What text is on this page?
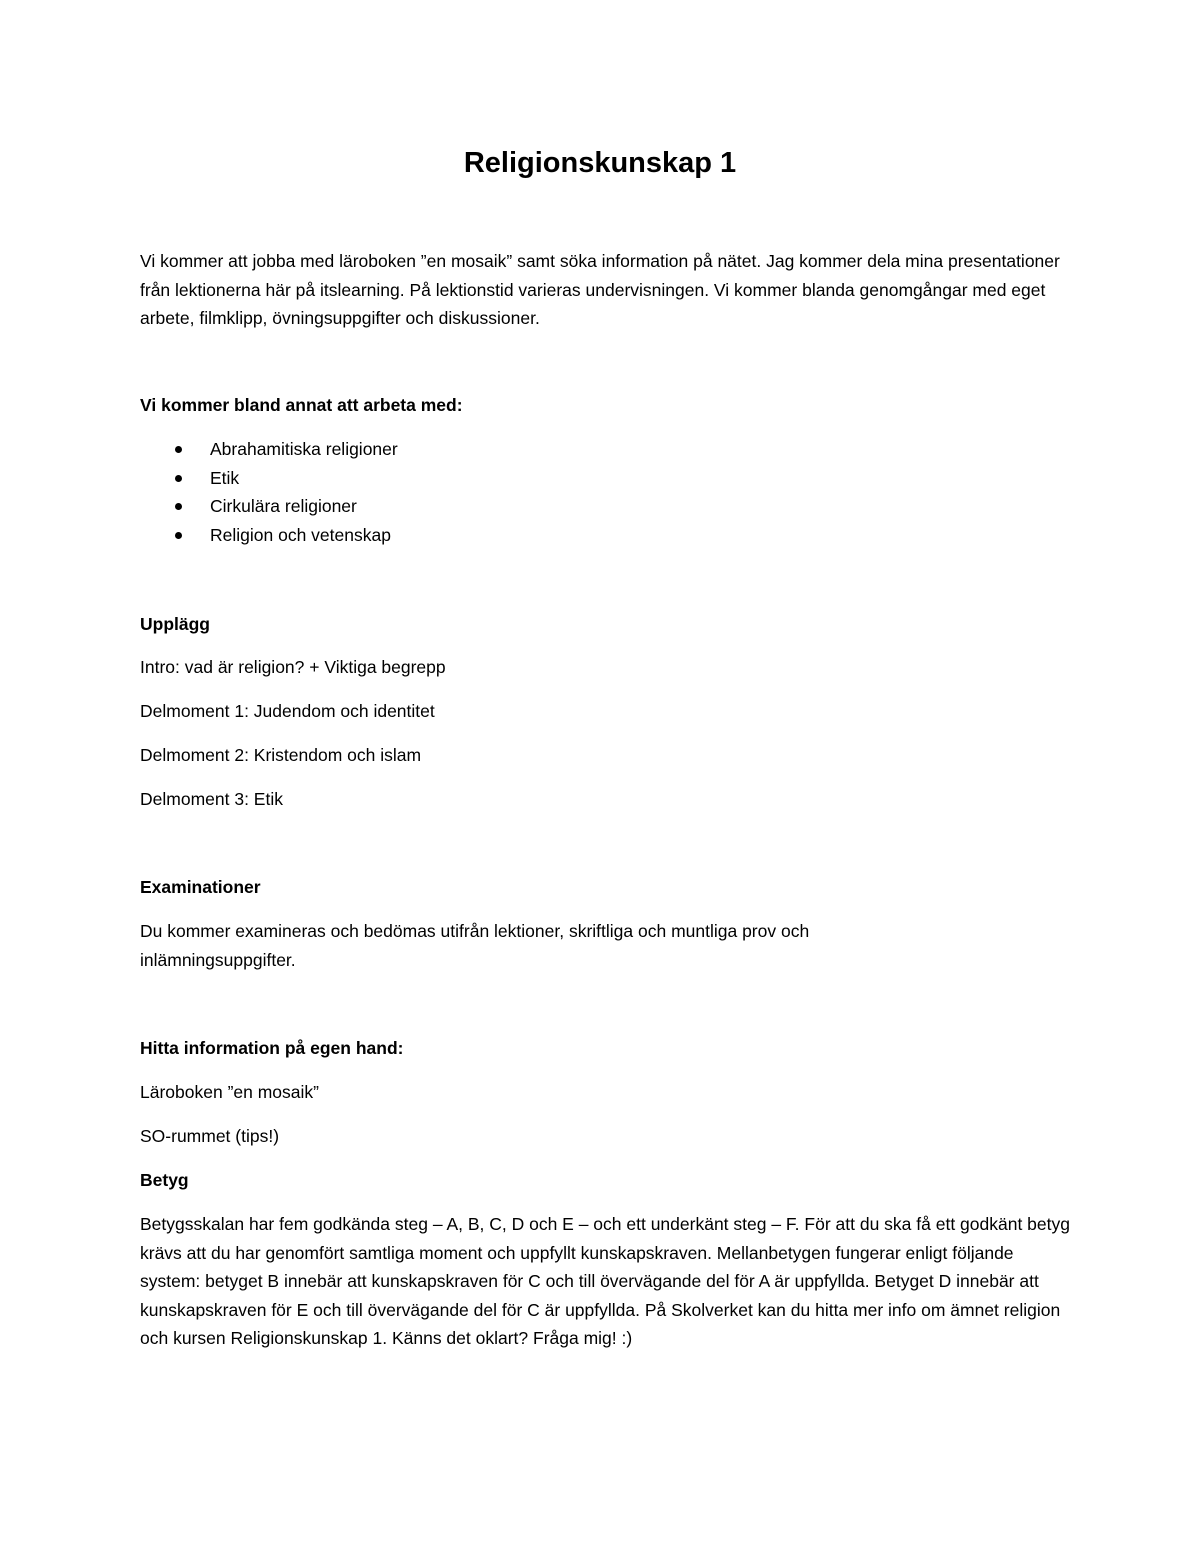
Religionskunskap 1

Vi kommer att jobba med läroboken ”en mosaik” samt söka information på nätet. Jag kommer dela mina presentationer från lektionerna här på itslearning. På lektionstid varieras undervisningen. Vi kommer blanda genomgångar med eget arbete, filmklipp, övningsuppgifter och diskussioner.

Vi kommer bland annat att arbeta med:

Abrahamitiska religioner
Etik
Cirkulära religioner
Religion och vetenskap

Upplägg

Intro: vad är religion? + Viktiga begrepp

Delmoment 1: Judendom och identitet

Delmoment 2: Kristendom och islam

Delmoment 3: Etik

Examinationer

Du kommer examineras och bedömas utifrån lektioner, skriftliga och muntliga prov och inlämningsuppgifter.

Hitta information på egen hand:

Läroboken ”en mosaik”

SO-rummet (tips!)

Betyg

Betygsskalan har fem godkända steg – A, B, C, D och E – och ett underkänt steg – F. För att du ska få ett godkänt betyg krävs att du har genomfört samtliga moment och uppfyllt kunskapskraven. Mellanbetygen fungerar enligt följande system: betyget B innebär att kunskapskraven för C och till övervägande del för A är uppfyllda. Betyget D innebär att kunskapskraven för E och till övervägande del för C är uppfyllda. På Skolverket kan du hitta mer info om ämnet religion och kursen Religionskunskap 1. Känns det oklart? Fråga mig! :)
